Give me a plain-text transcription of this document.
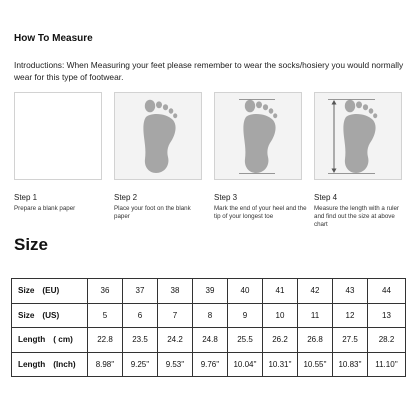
How To Measure
Introductions: When Measuring your feet please remember to wear the socks/hosiery you would normally wear for this type of footwear.
Step 1
Prepare a blank paper
Step 2
Place your foot on the blank paper
Step 3
Mark the end of your heel and the tip of your longest toe
Step 4
Measure the length with a ruler and find out the size at above chart
Size
Size (EU)	36	37	38	39	40	41	42	43	44
Size (US)	5	6	7	8	9	10	11	12	13
Length ( cm)	22.8	23.5	24.2	24.8	25.5	26.2	26.8	27.5	28.2
Length (Inch)	8.98''	9.25''	9.53''	9.76''	10.04''	10.31''	10.55''	10.83''	11.10''
